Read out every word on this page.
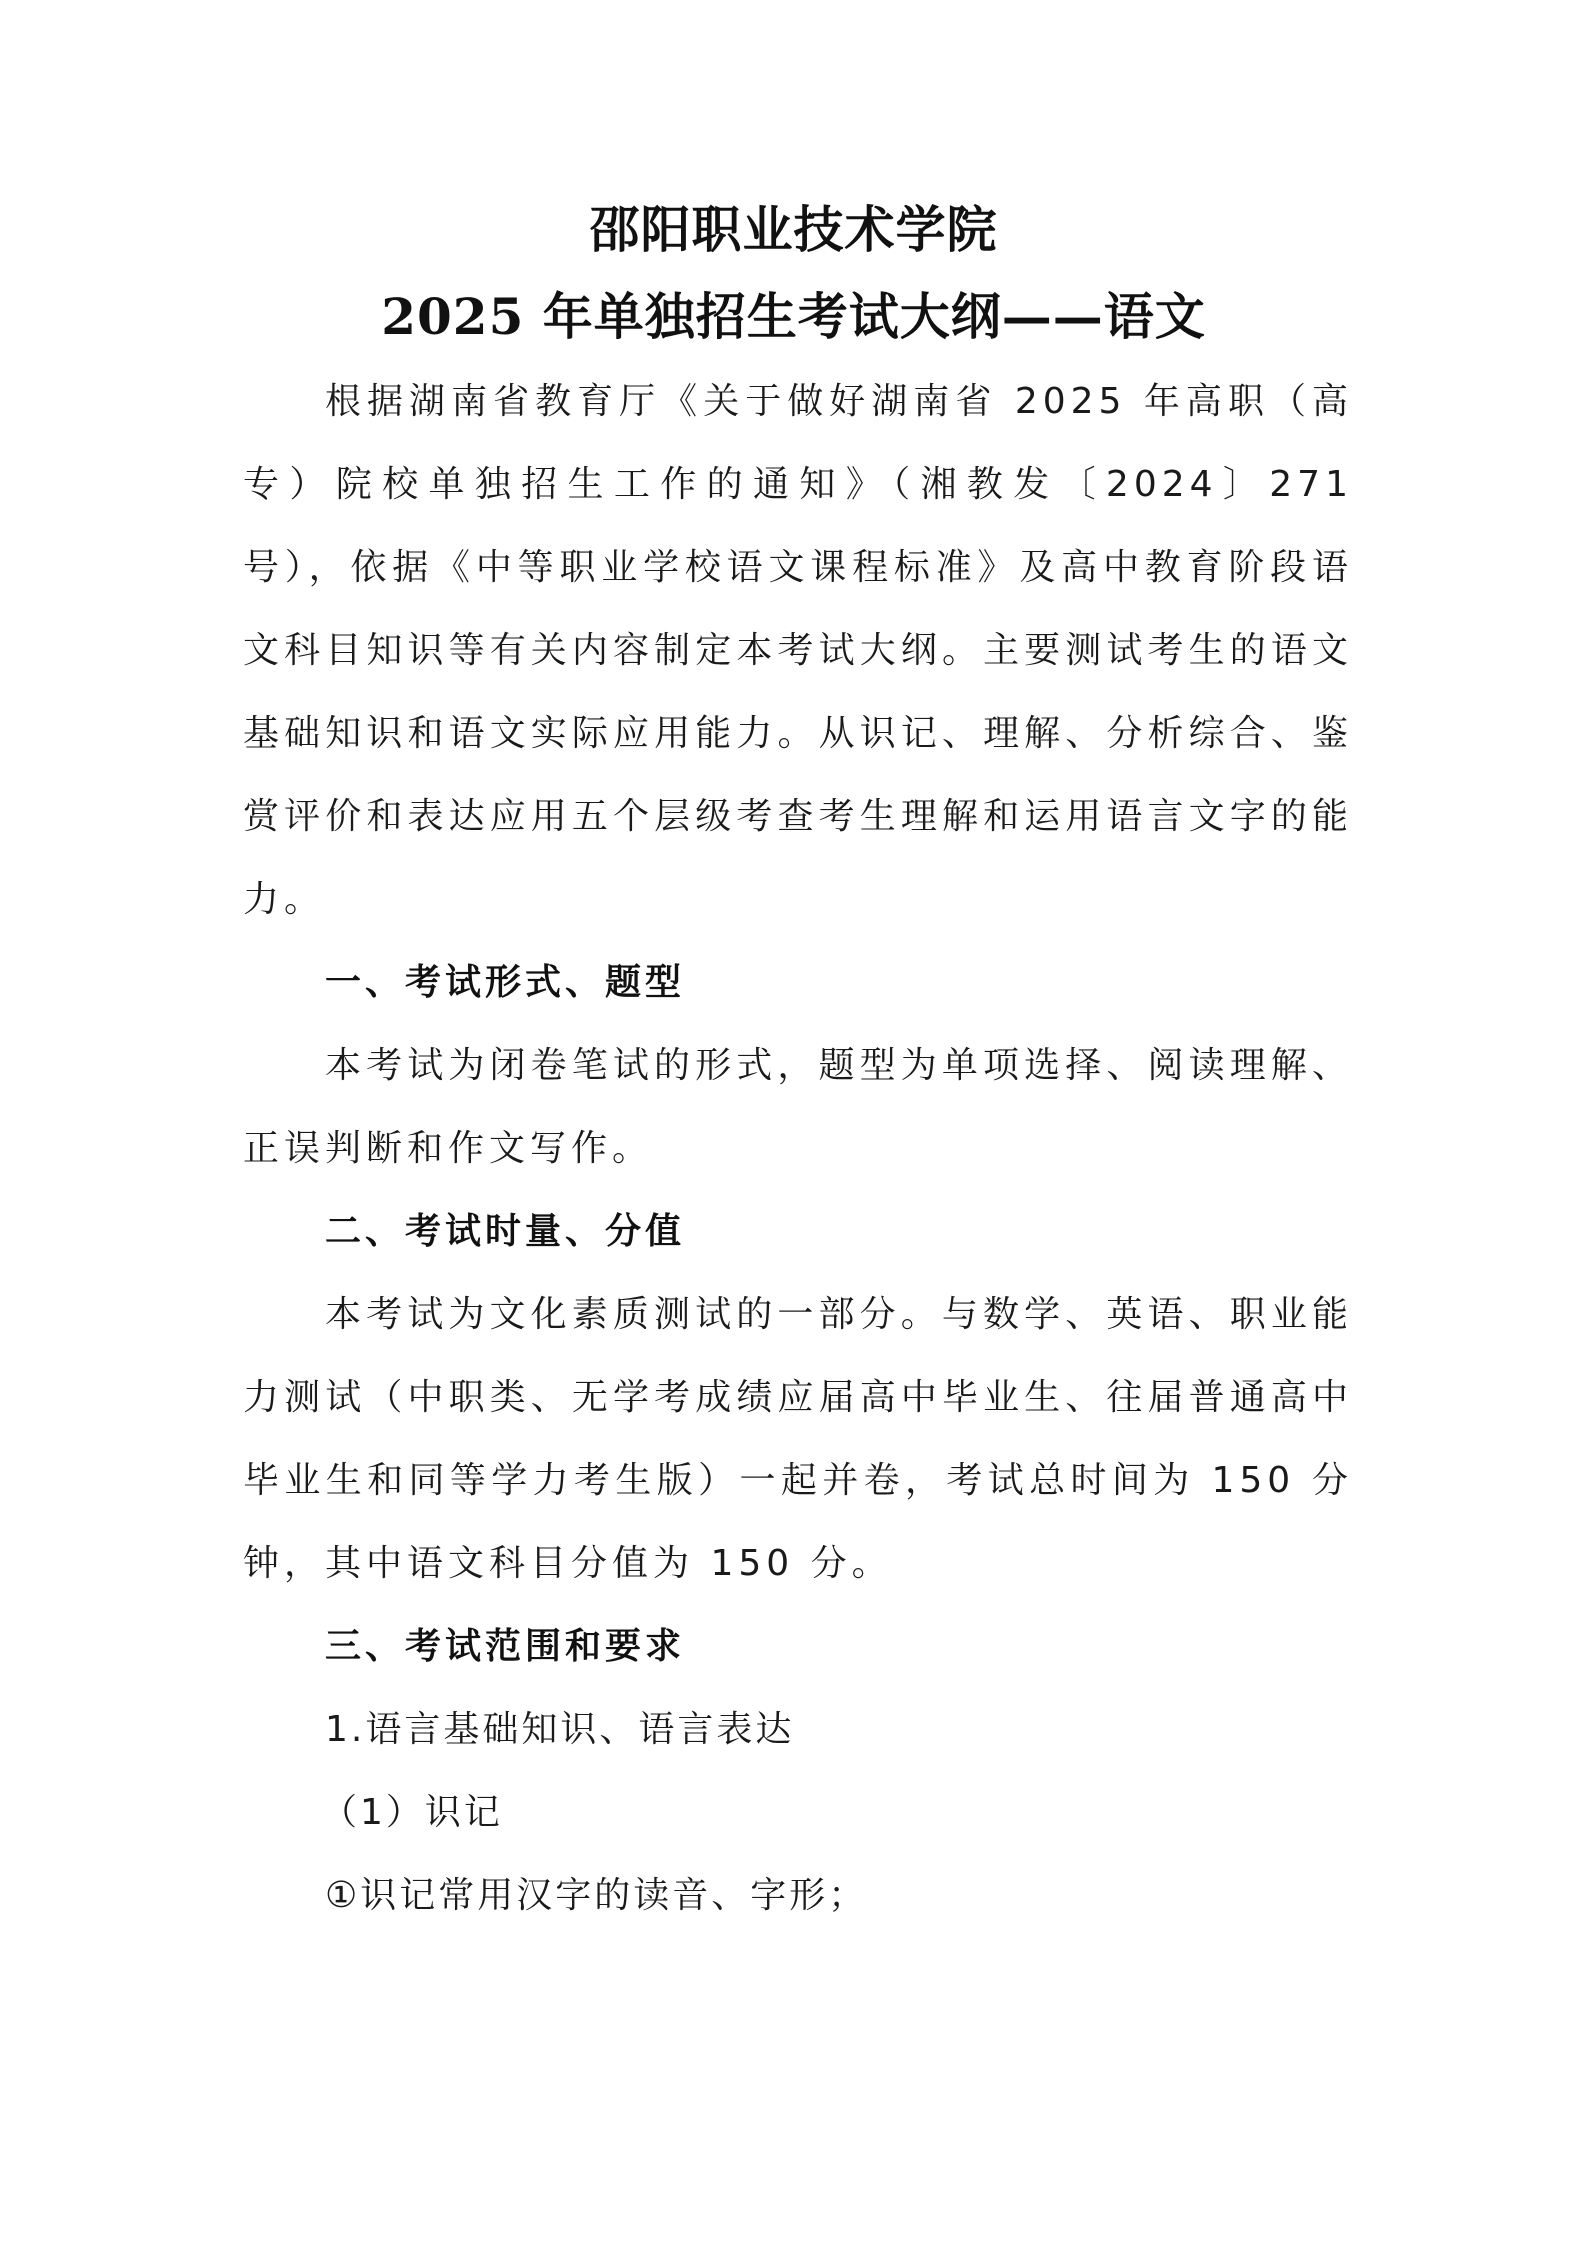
邵阳职业技术学院
2025 年单独招生考试大纲——语文

根据湖南省教育厅《关于做好湖南省 2025 年高职（高专）院校单独招生工作的通知》（湘教发〔2024〕271 号），依据《中等职业学校语文课程标准》及高中教育阶段语文科目知识等有关内容制定本考试大纲。主要测试考生的语文基础知识和语文实际应用能力。从识记、理解、分析综合、鉴赏评价和表达应用五个层级考查考生理解和运用语言文字的能力。

一、考试形式、题型

本考试为闭卷笔试的形式，题型为单项选择、阅读理解、正误判断和作文写作。

二、考试时量、分值

本考试为文化素质测试的一部分。与数学、英语、职业能力测试（中职类、无学考成绩应届高中毕业生、往届普通高中毕业生和同等学力考生版）一起并卷，考试总时间为 150 分钟，其中语文科目分值为 150 分。

三、考试范围和要求

1.语言基础知识、语言表达

（1）识记

①识记常用汉字的读音、字形；
